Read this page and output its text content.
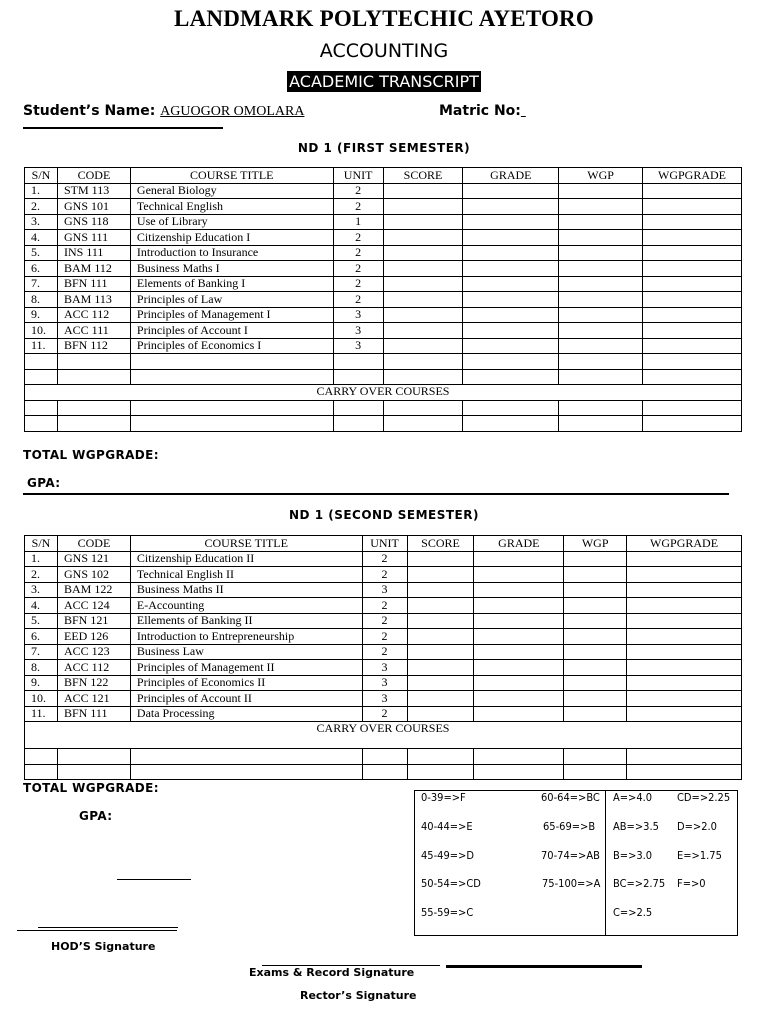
LANDMARK POLYTECHIC AYETORO
ACCOUNTING
ACADEMIC TRANSCRIPT
Student’s Name: AGUOGOR OMOLARA	Matric No:
ND 1 (FIRST SEMESTER)
S/N	CODE	COURSE TITLE	UNIT	SCORE	GRADE	WGP	WGPGRADE
1.	STM 113	General Biology	2				
2.	GNS 101	Technical English	2				
3.	GNS 118	Use of Library	1				
4.	GNS 111	Citizenship Education I	2				
5.	INS 111	Introduction to Insurance	2				
6.	BAM 112	Business Maths I	2				
7.	BFN 111	Elements of Banking I	2				
8.	BAM 113	Principles of Law	2				
9.	ACC 112	Principles of Management I	3				
10.	ACC 111	Principles of Account I	3				
11.	BFN 112	Principles of Economics I	3				

CARRY OVER COURSES							

TOTAL WGPGRADE:
GPA:
ND 1 (SECOND SEMESTER)
S/N	CODE	COURSE TITLE	UNIT	SCORE	GRADE	WGP	WGPGRADE
1.	GNS 121	Citizenship Education II	2				
2.	GNS 102	Technical English II	2				
3.	BAM 122	Business Maths II	3				
4.	ACC 124	E-Accounting	2				
5.	BFN 121	Ellements of Banking II	2				
6.	EED 126	Introduction to Entrepreneurship	2				
7.	ACC 123	Business Law	2				
8.	ACC 112	Principles of Management II	3				
9.	BFN 122	Principles of Economics II	3				
10.	ACC 121	Principles of Account II	3				
11.	BFN 111	Data Processing	2				
CARRY OVER COURSES							

TOTAL WGPGRADE:
GPA:
0-39=>F	60-64=>BC
40-44=>E	65-69=>B
45-49=>D	70-74=>AB
50-54=>CD	75-100=>A
55-59=>C
A=>4.0 CD=>2.25
AB=>3.5 D=>2.0
B=>3.0 E=>1.75
BC=>2.75 F=>0
C=>2.5
HOD’S Signature
Exams & Record Signature
Rector’s Signature
